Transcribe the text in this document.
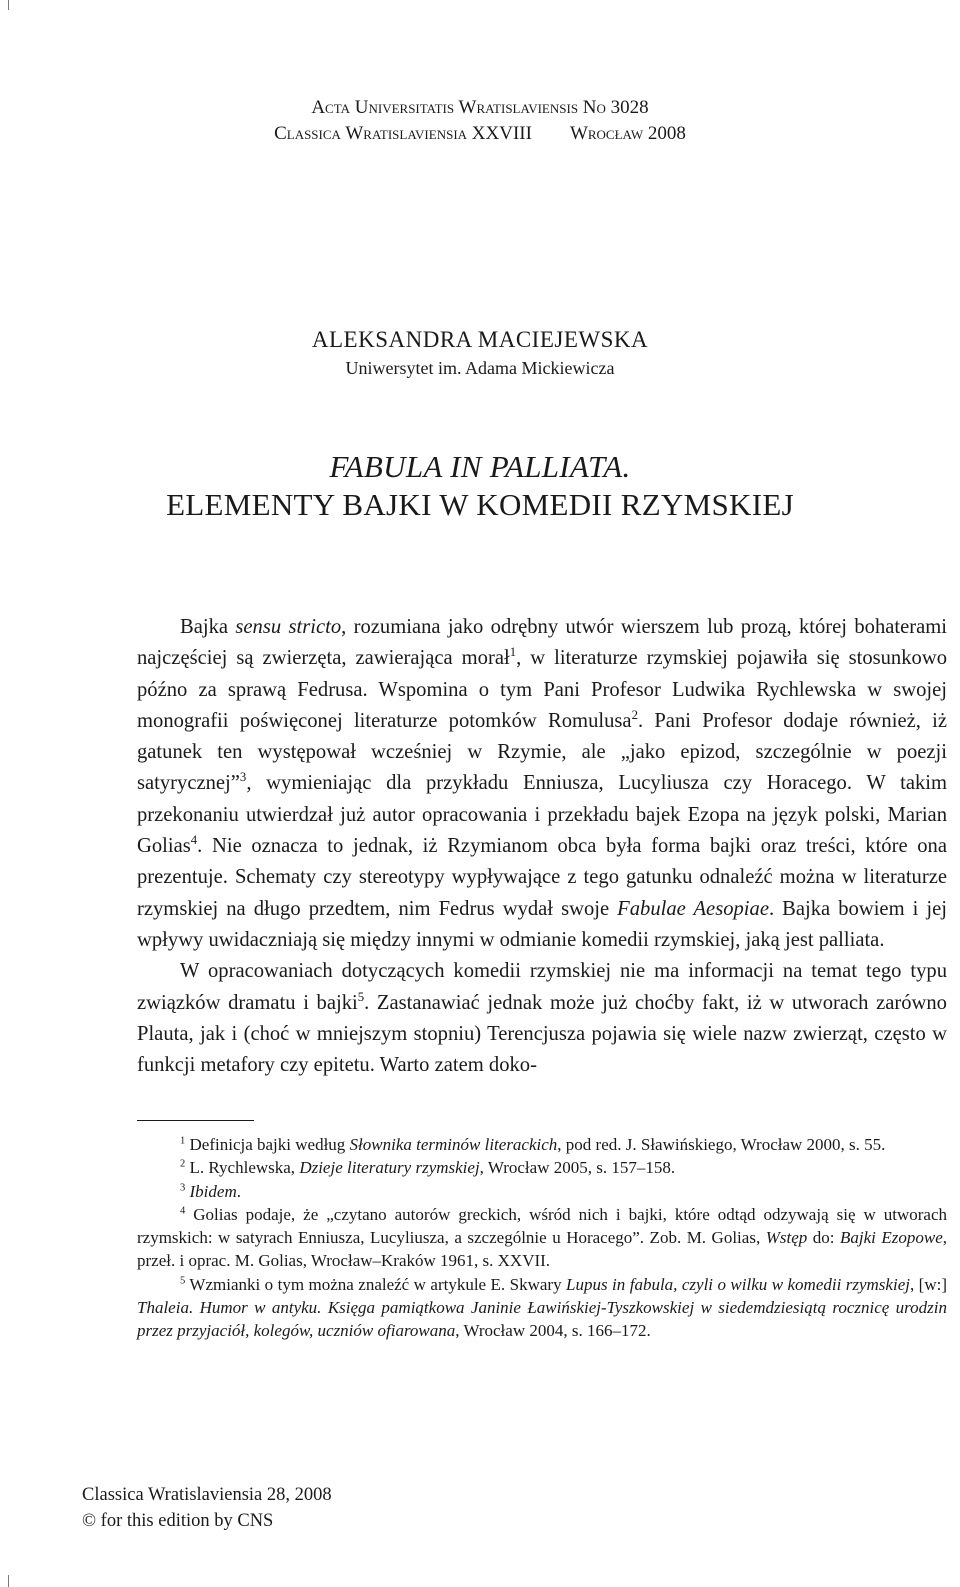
Acta Universitatis Wratislaviensis No 3028
Classica Wratislaviensia XXVIII Wrocław 2008
ALEKSANDRA MACIEJEWSKA
Uniwersytet im. Adama Mickiewicza
FABULA IN PALLIATA.
ELEMENTY BAJKI W KOMEDII RZYMSKIEJ

Bajka sensu stricto, rozumiana jako odrębny utwór wierszem lub prozą, której bohaterami najczęściej są zwierzęta, zawierająca morał$^1$, w literaturze rzymskiej pojawiła się stosunkowo późno za sprawą Fedrusa. Wspomina o tym Pani Profesor Ludwika Rychlewska w swojej monografii poświęconej literaturze potomków Romulusa$^2$. Pani Profesor dodaje również, iż gatunek ten występował wcześniej w Rzymie, ale „jako epizod, szczególnie w poezji satyrycznej”$^3$, wymieniając dla przykładu Enniusza, Lucyliusza czy Horacego. W takim przekonaniu utwierdzał już autor opracowania i przekładu bajek Ezopa na język polski, Marian Golias$^4$. Nie oznacza to jednak, iż Rzymianom obca była forma bajki oraz treści, które ona prezentuje. Schematy czy stereotypy wypływające z tego gatunku odnaleźć można w literaturze rzymskiej na długo przedtem, nim Fedrus wydał swoje Fabulae Aesopiae. Bajka bowiem i jej wpływy uwidaczniają się między innymi w odmianie komedii rzymskiej, jaką jest palliata.

W opracowaniach dotyczących komedii rzymskiej nie ma informacji na temat tego typu związków dramatu i bajki$^5$. Zastanawiać jednak może już choćby fakt, iż w utworach zarówno Plauta, jak i (choć w mniejszym stopniu) Terencjusza pojawia się wiele nazw zwierząt, często w funkcji metafory czy epitetu. Warto zatem doko-

$^1$ Definicja bajki według Słownika terminów literackich, pod red. J. Sławińskiego, Wrocław 2000, s. 55.

$^2$ L. Rychlewska, Dzieje literatury rzymskiej, Wrocław 2005, s. 157–158.

$^3$ Ibidem.

$^4$ Golias podaje, że „czytano autorów greckich, wśród nich i bajki, które odtąd odzywają się w utworach rzymskich: w satyrach Enniusza, Lucyliusza, a szczególnie u Horacego”. Zob. M. Golias, Wstęp do: Bajki Ezopowe, przeł. i oprac. M. Golias, Wrocław–Kraków 1961, s. XXVII.

$^5$ Wzmianki o tym można znaleźć w artykule E. Skwary Lupus in fabula, czyli o wilku w komedii rzymskiej, [w:] Thaleia. Humor w antyku. Księga pamiątkowa Janinie Ławińskiej-Tyszkowskiej w siedemdziesiątą rocznicę urodzin przez przyjaciół, kolegów, uczniów ofiarowana, Wrocław 2004, s. 166–172.

Classica Wratislaviensia 28, 2008
© for this edition by CNS
